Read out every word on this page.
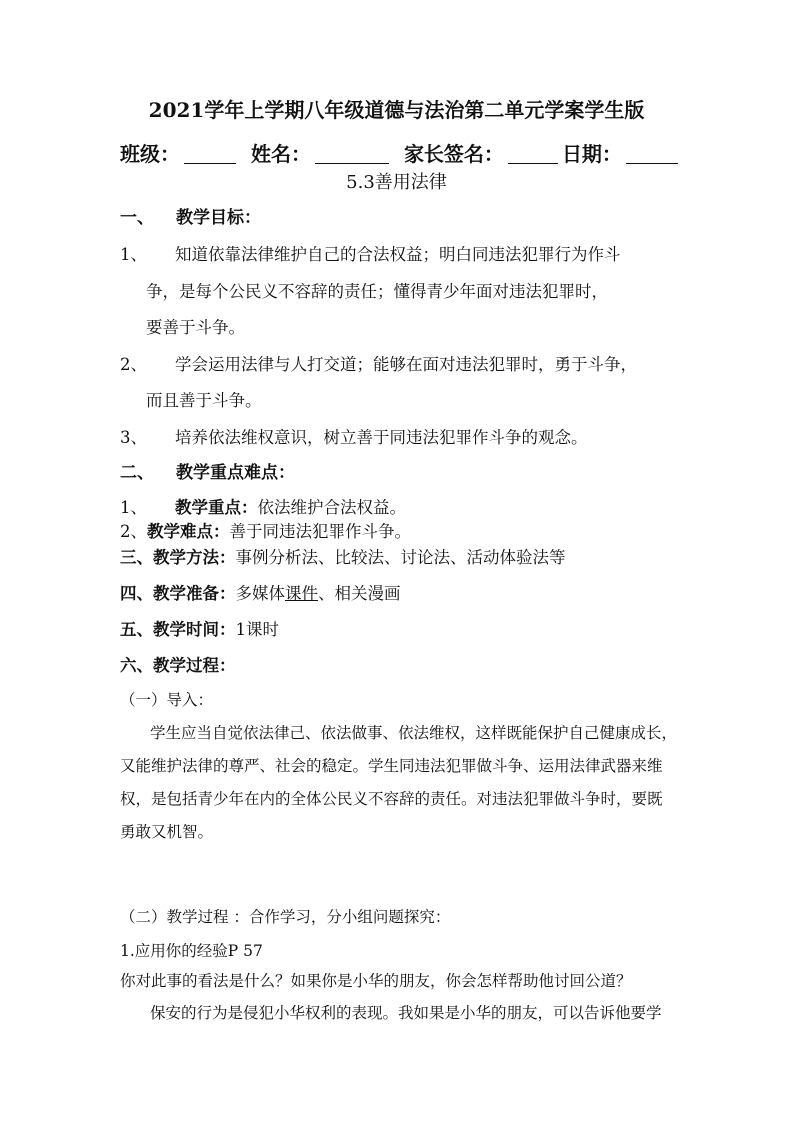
2021学年上学期八年级道德与法治第二单元学案学生版
班级：	姓名：	家长签名：	日期：
5.3善用法律
一、 教学目标：
1、 知道依靠法律维护自己的合法权益；明白同违法犯罪行为作斗
争，是每个公民义不容辞的责任；懂得青少年面对违法犯罪时，
要善于斗争。
2、 学会运用法律与人打交道；能够在面对违法犯罪时，勇于斗争，
而且善于斗争。
3、 培养依法维权意识，树立善于同违法犯罪作斗争的观念。
二、 教学重点难点：
1、 教学重点：依法维护合法权益。
2、教学难点：善于同违法犯罪作斗争。
三、教学方法：事例分析法、比较法、讨论法、活动体验法等
四、教学准备：多媒体课件、相关漫画
五、教学时间：1课时
六、教学过程：
（一）导入：
学生应当自觉依法律己、依法做事、依法维权，这样既能保护自己健康成长，
又能维护法律的尊严、社会的稳定。学生同违法犯罪做斗争、运用法律武器来维
权，是包括青少年在内的全体公民义不容辞的责任。对违法犯罪做斗争时，要既
勇敢又机智。
（二）教学过程 ：合作学习，分小组问题探究：
1.应用你的经验P 57
你对此事的看法是什么？如果你是小华的朋友，你会怎样帮助他讨回公道？
保安的行为是侵犯小华权利的表现。我如果是小华的朋友，可以告诉他要学
